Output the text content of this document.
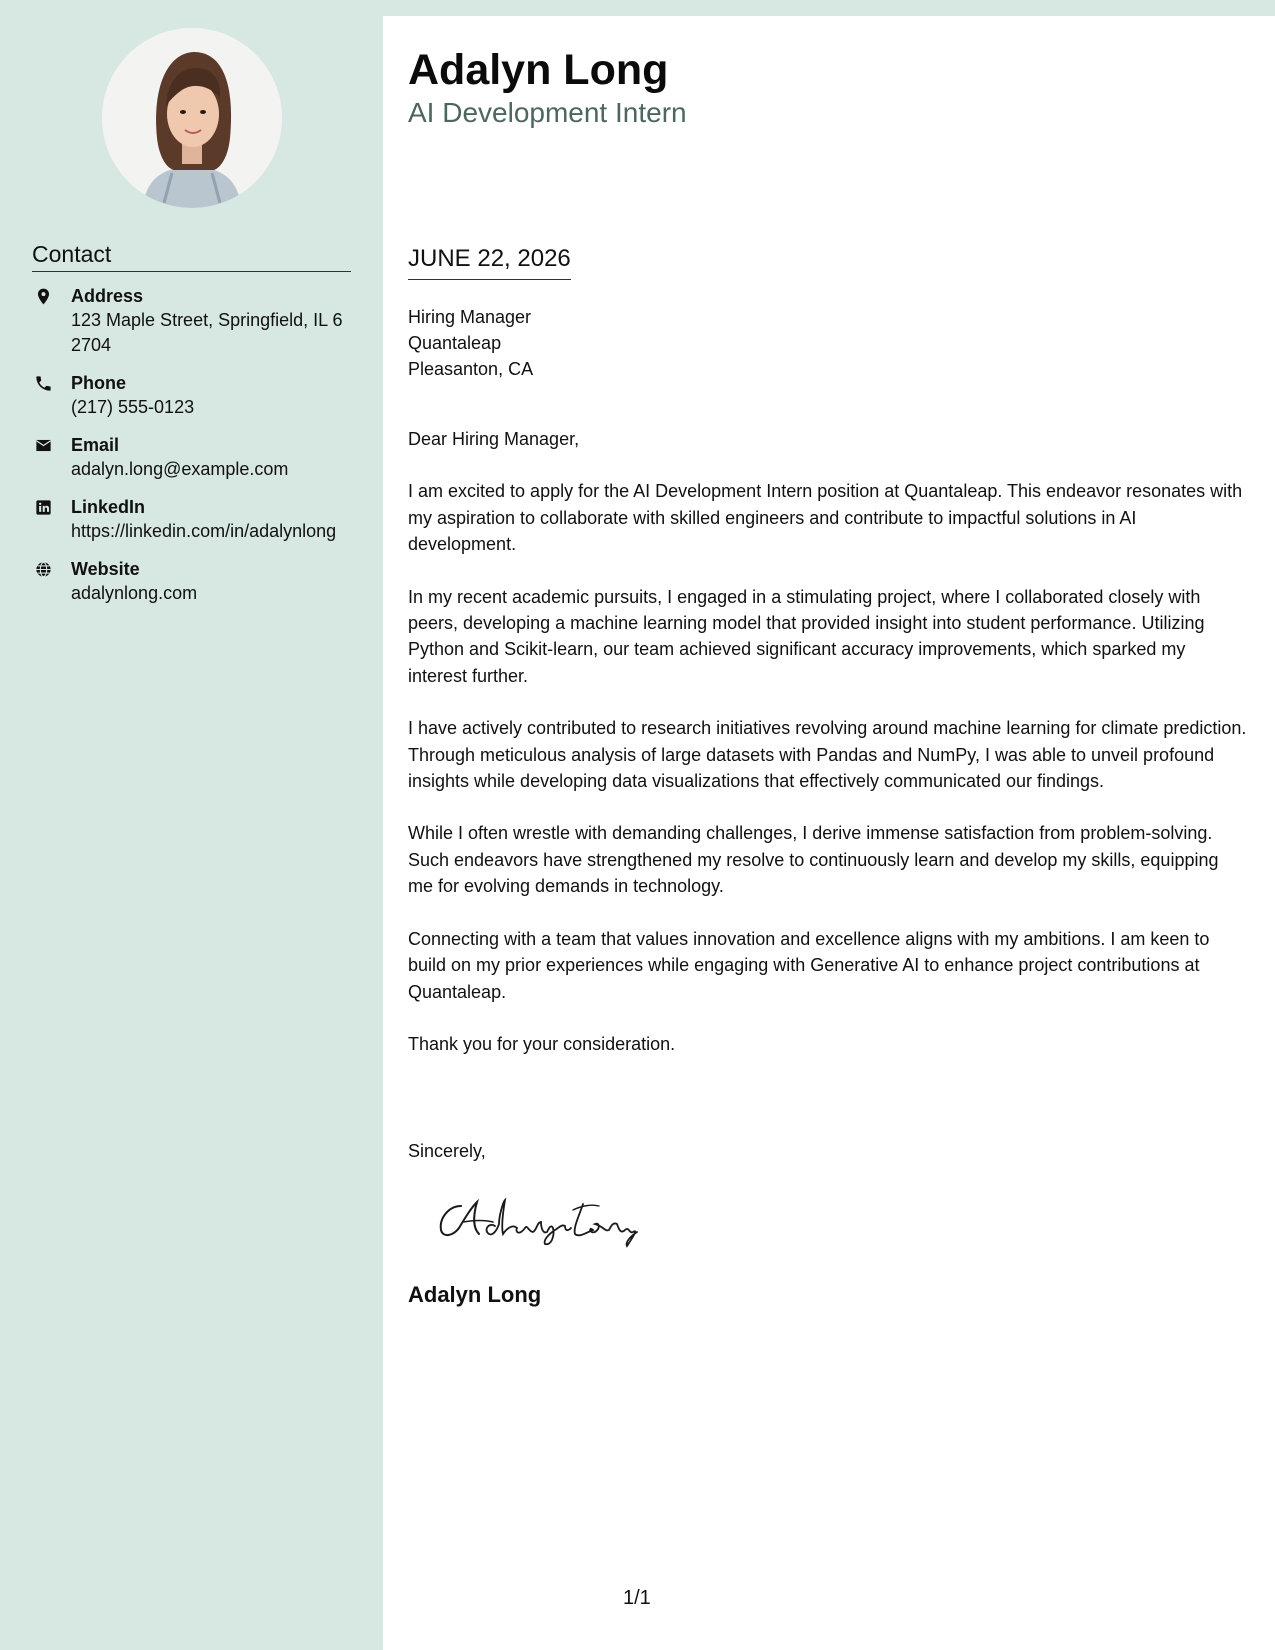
Contact
Address
123 Maple Street, Springfield, IL 62704
Phone
(217) 555-0123
Email
adalyn.long@example.com
LinkedIn
https://linkedin.com/in/adalynlong
Website
adalynlong.com
Adalyn Long
AI Development Intern
JUNE 22, 2026
Hiring Manager
Quantaleap
Pleasanton, CA

Dear Hiring Manager,

I am excited to apply for the AI Development Intern position at Quantaleap. This endeavor resonates with my aspiration to collaborate with skilled engineers and contribute to impactful solutions in AI development.

In my recent academic pursuits, I engaged in a stimulating project, where I collaborated closely with peers, developing a machine learning model that provided insight into student performance. Utilizing Python and Scikit-learn, our team achieved significant accuracy improvements, which sparked my interest further.

I have actively contributed to research initiatives revolving around machine learning for climate prediction. Through meticulous analysis of large datasets with Pandas and NumPy, I was able to unveil profound insights while developing data visualizations that effectively communicated our findings.

While I often wrestle with demanding challenges, I derive immense satisfaction from problem-solving. Such endeavors have strengthened my resolve to continuously learn and develop my skills, equipping me for evolving demands in technology.

Connecting with a team that values innovation and excellence aligns with my ambitions. I am keen to build on my prior experiences while engaging with Generative AI to enhance project contributions at Quantaleap.

Thank you for your consideration.

Sincerely,
Adalyn Long
1/1
